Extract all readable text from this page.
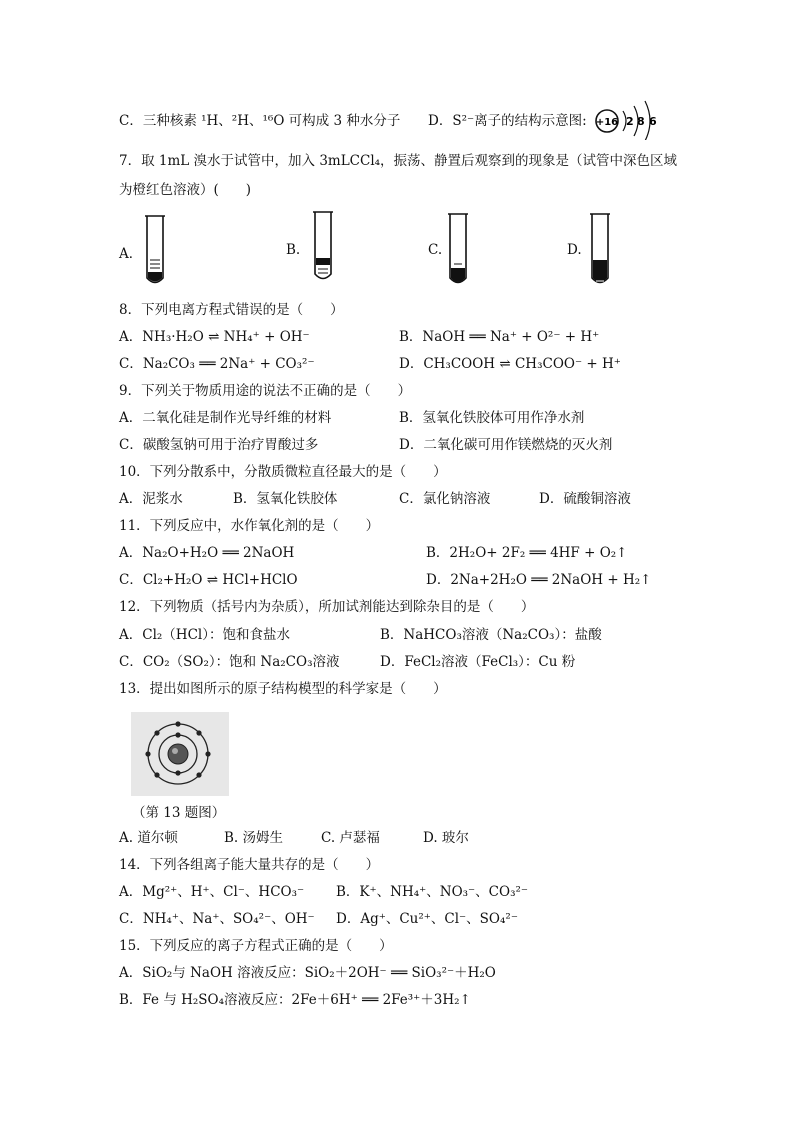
C．三种核素 ¹H、²H、¹⁶O 可构成 3 种水分子 D．S²⁻离子的结构示意图: +16 2 8 6
7．取 1mL 溴水于试管中，加入 3mLCCl₄，振荡、静置后观察到的现象是（试管中深色区域
为橙红色溶液）(　　)
A．	B.	C.	D.
8．下列电离方程式错误的是（　　）
A．NH₃·H₂O ⇌ NH₄⁺ + OH⁻	B．NaOH ══ Na⁺ + O²⁻ + H⁺
C．Na₂CO₃ ══ 2Na⁺ + CO₃²⁻	D．CH₃COOH ⇌ CH₃COO⁻ + H⁺
9．下列关于物质用途的说法不正确的是（　　）
A．二氧化硅是制作光导纤维的材料	B．氢氧化铁胶体可用作净水剂
C．碳酸氢钠可用于治疗胃酸过多	D．二氧化碳可用作镁燃烧的灭火剂
10．下列分散系中，分散质微粒直径最大的是（　　）
A．泥浆水	B．氢氧化铁胶体	C．氯化钠溶液	D．硫酸铜溶液
11．下列反应中，水作氧化剂的是（　　）
A．Na₂O+H₂O ══ 2NaOH	B．2H₂O+ 2F₂ ══ 4HF + O₂↑
C．Cl₂+H₂O ⇌ HCl+HClO	D．2Na+2H₂O ══ 2NaOH + H₂↑
12．下列物质（括号内为杂质），所加试剂能达到除杂目的是（　　）
A．Cl₂（HCl）：饱和食盐水	B．NaHCO₃溶液（Na₂CO₃）：盐酸
C．CO₂（SO₂）：饱和 Na₂CO₃溶液	D．FeCl₂溶液（FeCl₃）：Cu 粉
13．提出如图所示的原子结构模型的科学家是（　　）
（第 13 题图）
A. 道尔顿	B. 汤姆生	C. 卢瑟福	D. 玻尔
14．下列各组离子能大量共存的是（　　）
A．Mg²⁺、H⁺、Cl⁻、HCO₃⁻ B．K⁺、NH₄⁺、NO₃⁻、CO₃²⁻
C．NH₄⁺、Na⁺、SO₄²⁻、OH⁻ D．Ag⁺、Cu²⁺、Cl⁻、SO₄²⁻
15．下列反应的离子方程式正确的是（　　）
A．SiO₂与 NaOH 溶液反应：SiO₂＋2OH⁻ ══ SiO₃²⁻＋H₂O
B．Fe 与 H₂SO₄溶液反应：2Fe＋6H⁺ ══ 2Fe³⁺＋3H₂↑
